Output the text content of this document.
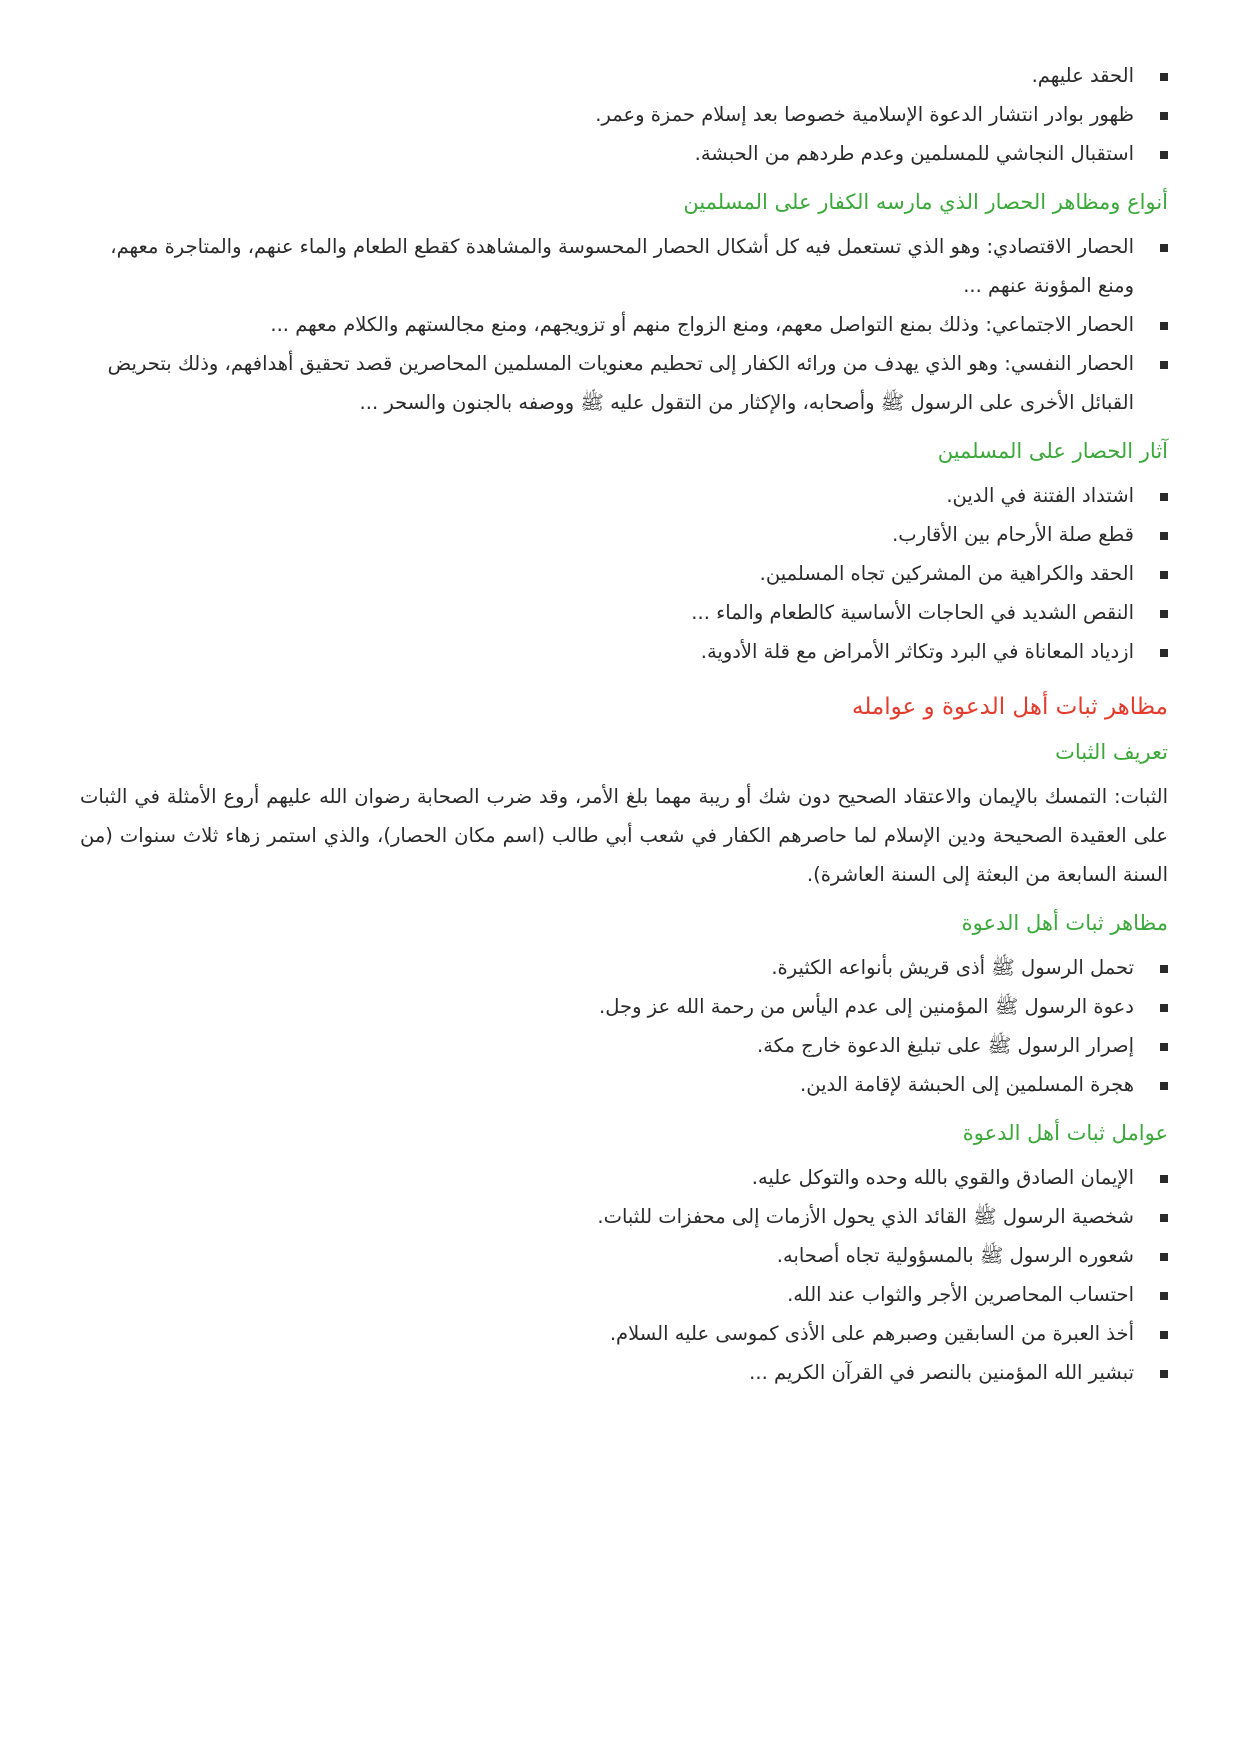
الحقد عليهم.
ظهور بوادر انتشار الدعوة الإسلامية خصوصا بعد إسلام حمزة وعمر.
استقبال النجاشي للمسلمين وعدم طردهم من الحبشة.
أنواع ومظاهر الحصار الذي مارسه الكفار على المسلمين
الحصار الاقتصادي: وهو الذي تستعمل فيه كل أشكال الحصار المحسوسة والمشاهدة كقطع الطعام والماء عنهم، والمتاجرة معهم، ومنع المؤونة عنهم ...
الحصار الاجتماعي: وذلك بمنع التواصل معهم، ومنع الزواج منهم أو تزويجهم، ومنع مجالستهم والكلام معهم ...
الحصار النفسي: وهو الذي يهدف من ورائه الكفار إلى تحطيم معنويات المسلمين المحاصرين قصد تحقيق أهدافهم، وذلك بتحريض القبائل الأخرى على الرسول ﷺ وأصحابه، والإكثار من التقول عليه ﷺ ووصفه بالجنون والسحر ...
آثار الحصار على المسلمين
اشتداد الفتنة في الدين.
قطع صلة الأرحام بين الأقارب.
الحقد والكراهية من المشركين تجاه المسلمين.
النقص الشديد في الحاجات الأساسية كالطعام والماء ...
ازدياد المعاناة في البرد وتكاثر الأمراض مع قلة الأدوية.
مظاهر ثبات أهل الدعوة و عوامله
تعريف الثبات

الثبات: التمسك بالإيمان والاعتقاد الصحيح دون شك أو ريبة مهما بلغ الأمر، وقد ضرب الصحابة رضوان الله عليهم أروع الأمثلة في الثبات على العقيدة الصحيحة ودين الإسلام لما حاصرهم الكفار في شعب أبي طالب (اسم مكان الحصار)، والذي استمر زهاء ثلاث سنوات (من السنة السابعة من البعثة إلى السنة العاشرة).

مظاهر ثبات أهل الدعوة
تحمل الرسول ﷺ أذى قريش بأنواعه الكثيرة.
دعوة الرسول ﷺ المؤمنين إلى عدم اليأس من رحمة الله عز وجل.
إصرار الرسول ﷺ على تبليغ الدعوة خارج مكة.
هجرة المسلمين إلى الحبشة لإقامة الدين.
عوامل ثبات أهل الدعوة
الإيمان الصادق والقوي بالله وحده والتوكل عليه.
شخصية الرسول ﷺ القائد الذي يحول الأزمات إلى محفزات للثبات.
شعوره الرسول ﷺ بالمسؤولية تجاه أصحابه.
احتساب المحاصرين الأجر والثواب عند الله.
أخذ العبرة من السابقين وصبرهم على الأذى كموسى عليه السلام.
تبشير الله المؤمنين بالنصر في القرآن الكريم ...
